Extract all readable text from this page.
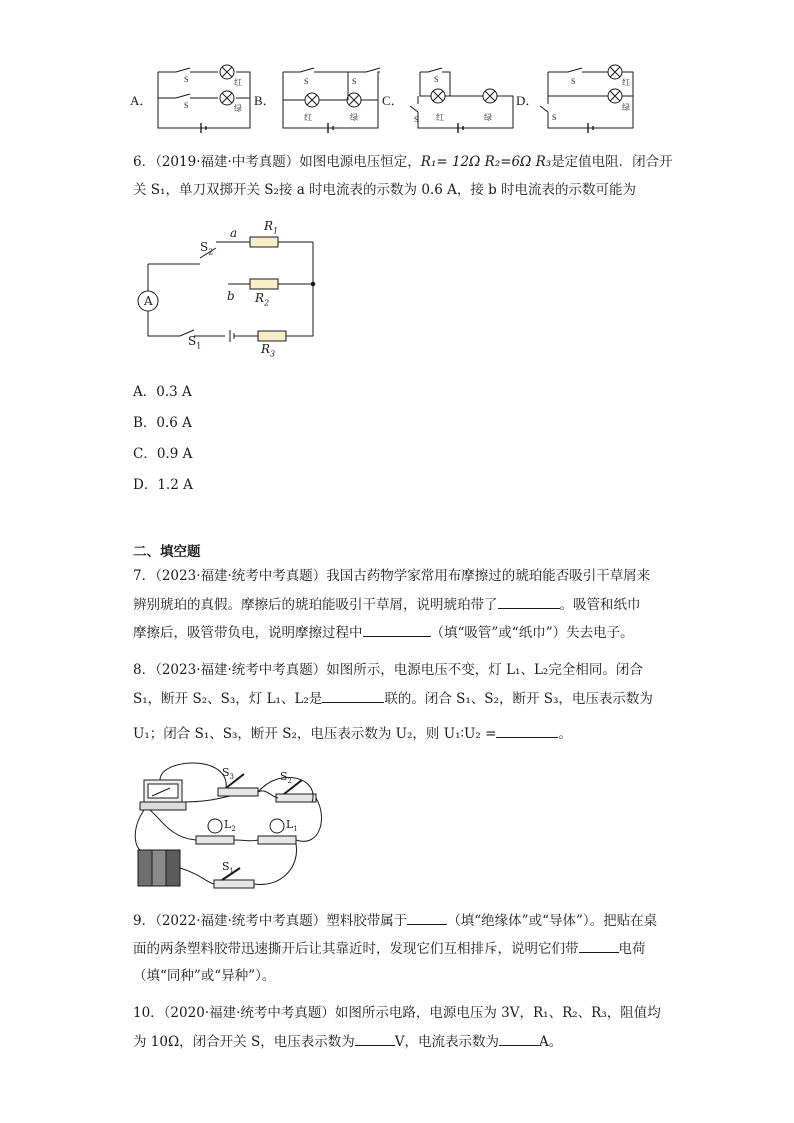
A．
S
S
红
绿
B．
S	S
红	绿
C．
S
S 红	绿
D．
S
S
红
绿
6．（2019·福建·中考真题）如图电源电压恒定，R₁= 12Ω R₂=6Ω R₃是定值电阻．闭合开
关 S₁，单刀双掷开关 S₂接 a 时电流表的示数为 0.6 A，接 b 时电流表的示数可能为
A
a
b
$R_1$
$R_2$
$R_3$
$S_2$
$S_1$
A．0.3 A
B．0.6 A
C．0.9 A
D．1.2 A
二、填空题
7．（2023·福建·统考中考真题）我国古药物学家常用布摩擦过的琥珀能否吸引干草屑来
辨别琥珀的真假。摩擦后的琥珀能吸引干草屑，说明琥珀带了	。吸管和纸巾
摩擦后，吸管带负电，说明摩擦过程中	（填“吸管”或“纸巾”）失去电子。
8．（2023·福建·统考中考真题）如图所示，电源电压不变，灯 L₁、L₂完全相同。闭合
S₁，断开 S₂、S₃，灯 L₁、L₂是	联的。闭合 S₁、S₂，断开 S₃，电压表示数为
U₁；闭合 S₁、S₃，断开 S₂，电压表示数为 U₂，则 U₁∶U₂ =	。
$S_3$	$S_2$
$S_1$
$L_2$	$L_1$
9．（2022·福建·统考中考真题）塑料胶带属于	（填“绝缘体”或“导体”）。把贴在桌
面的两条塑料胶带迅速撕开后让其靠近时，发现它们互相排斥，说明它们带	电荷
（填“同种”或“异种”）。
10．（2020·福建·统考中考真题）如图所示电路，电源电压为 3V，R₁、R₂、R₃，阻值均
为 10Ω，闭合开关 S，电压表示数为	V，电流表示数为	A。
